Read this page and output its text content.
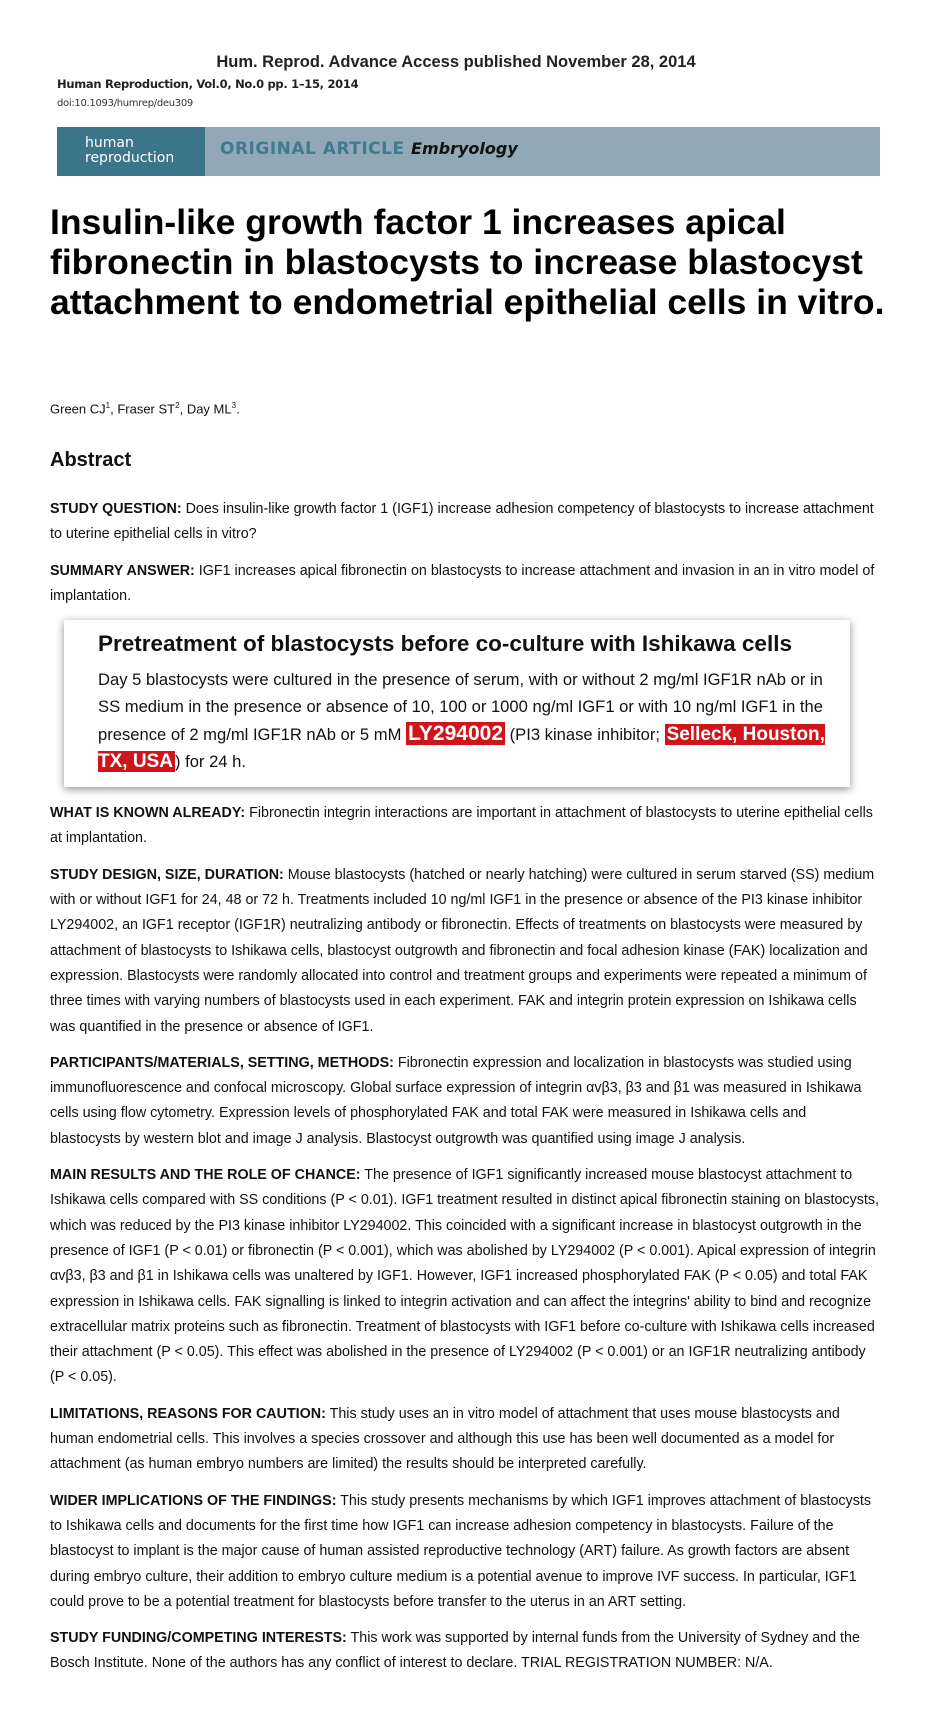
Hum. Reprod. Advance Access published November 28, 2014
Human Reproduction, Vol.0, No.0 pp. 1–15, 2014
doi:10.1093/humrep/deu309
human
reproduction	ORIGINAL ARTICLE Embryology
Insulin-like growth factor 1 increases apical fibronectin in blastocysts to increase blastocyst attachment to endometrial epithelial cells in vitro.
Green $CJ^1$, Fraser $ST^2$, Day $ML^3$.
Abstract

STUDY QUESTION: Does insulin-like growth factor 1 (IGF1) increase adhesion competency of blastocysts to increase attachment to uterine epithelial cells in vitro?

SUMMARY ANSWER: IGF1 increases apical fibronectin on blastocysts to increase attachment and invasion in an in vitro model of implantation.

Pretreatment of blastocysts before co-culture with Ishikawa cells
Day 5 blastocysts were cultured in the presence of serum, with or without 2 mg/ml IGF1R nAb or in SS medium in the presence or absence of 10, 100 or 1000 ng/ml IGF1 or with 10 ng/ml IGF1 in the presence of 2 mg/ml IGF1R nAb or 5 mM LY294002 (PI3 kinase inhibitor; Selleck, Houston, TX, USA ) for 24 h.

WHAT IS KNOWN ALREADY: Fibronectin integrin interactions are important in attachment of blastocysts to uterine epithelial cells at implantation.

STUDY DESIGN, SIZE, DURATION: Mouse blastocysts (hatched or nearly hatching) were cultured in serum starved (SS) medium with or without IGF1 for 24, 48 or 72 h. Treatments included 10 ng/ml IGF1 in the presence or absence of the PI3 kinase inhibitor LY294002, an IGF1 receptor (IGF1R) neutralizing antibody or fibronectin. Effects of treatments on blastocysts were measured by attachment of blastocysts to Ishikawa cells, blastocyst outgrowth and fibronectin and focal adhesion kinase (FAK) localization and expression. Blastocysts were randomly allocated into control and treatment groups and experiments were repeated a minimum of three times with varying numbers of blastocysts used in each experiment. FAK and integrin protein expression on Ishikawa cells was quantified in the presence or absence of IGF1.

PARTICIPANTS/MATERIALS, SETTING, METHODS: Fibronectin expression and localization in blastocysts was studied using immunofluorescence and confocal microscopy. Global surface expression of integrin αvβ3, β3 and β1 was measured in Ishikawa cells using flow cytometry. Expression levels of phosphorylated FAK and total FAK were measured in Ishikawa cells and blastocysts by western blot and image J analysis. Blastocyst outgrowth was quantified using image J analysis.

MAIN RESULTS AND THE ROLE OF CHANCE: The presence of IGF1 significantly increased mouse blastocyst attachment to Ishikawa cells compared with SS conditions (P < 0.01). IGF1 treatment resulted in distinct apical fibronectin staining on blastocysts, which was reduced by the PI3 kinase inhibitor LY294002. This coincided with a significant increase in blastocyst outgrowth in the presence of IGF1 (P < 0.01) or fibronectin (P < 0.001), which was abolished by LY294002 (P < 0.001). Apical expression of integrin αvβ3, β3 and β1 in Ishikawa cells was unaltered by IGF1. However, IGF1 increased phosphorylated FAK (P < 0.05) and total FAK expression in Ishikawa cells. FAK signalling is linked to integrin activation and can affect the integrins' ability to bind and recognize extracellular matrix proteins such as fibronectin. Treatment of blastocysts with IGF1 before co-culture with Ishikawa cells increased their attachment (P < 0.05). This effect was abolished in the presence of LY294002 (P < 0.001) or an IGF1R neutralizing antibody (P < 0.05).

LIMITATIONS, REASONS FOR CAUTION: This study uses an in vitro model of attachment that uses mouse blastocysts and human endometrial cells. This involves a species crossover and although this use has been well documented as a model for attachment (as human embryo numbers are limited) the results should be interpreted carefully.

WIDER IMPLICATIONS OF THE FINDINGS: This study presents mechanisms by which IGF1 improves attachment of blastocysts to Ishikawa cells and documents for the first time how IGF1 can increase adhesion competency in blastocysts. Failure of the blastocyst to implant is the major cause of human assisted reproductive technology (ART) failure. As growth factors are absent during embryo culture, their addition to embryo culture medium is a potential avenue to improve IVF success. In particular, IGF1 could prove to be a potential treatment for blastocysts before transfer to the uterus in an ART setting.

STUDY FUNDING/COMPETING INTERESTS: This work was supported by internal funds from the University of Sydney and the Bosch Institute. None of the authors has any conflict of interest to declare. TRIAL REGISTRATION NUMBER: N/A.
